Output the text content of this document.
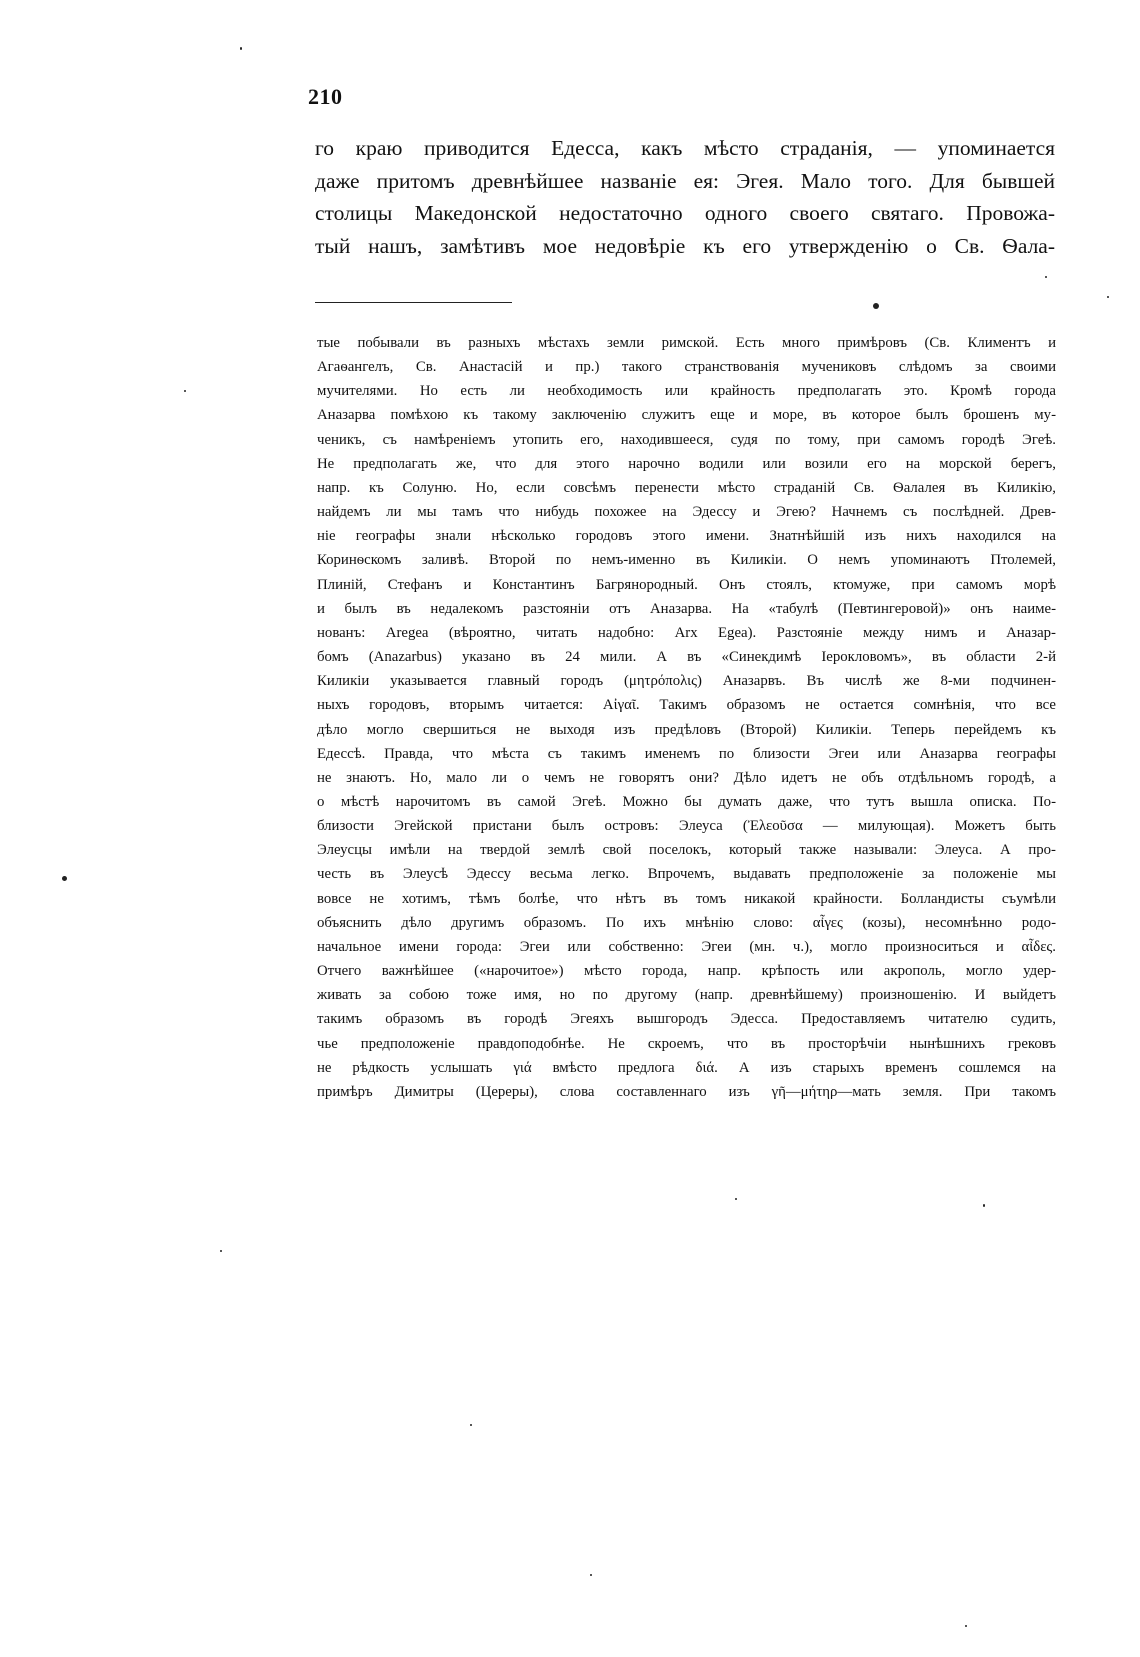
210
го краю приводится Едесса, какъ мѣсто страданія, — упоминается
даже притомъ древнѣйшее названіе ея: Эгея. Мало того. Для бывшей
столицы Македонской недостаточно одного своего святаго. Провожа-
тый нашъ, замѣтивъ мое недовѣріе къ его утвержденію о Св. Ѳала-
тые побывали въ разныхъ мѣстахъ земли римской. Есть много примѣровъ (Св. Климентъ и
Агаѳангелъ, Св. Анастасій и пр.) такого странствованія мучениковъ слѣдомъ за своими
мучителями. Но есть ли необходимость или крайность предполагать это. Кромѣ города
Аназарва помѣхою къ такому заключенію служитъ еще и море, въ которое былъ брошенъ му-
ченикъ, съ намѣреніемъ утопить его, находившееся, судя по тому, при самомъ городѣ Эгеѣ.
Не предполагать же, что для этого нарочно водили или возили его на морской берегъ,
напр. къ Солуню. Но, если совсѣмъ перенести мѣсто страданій Св. Ѳалалея въ Киликію,
найдемъ ли мы тамъ что нибудь похожее на Эдессу и Эгею? Начнемъ съ послѣдней. Древ-
ніе географы знали нѣсколько городовъ этого имени. Знатнѣйшій изъ нихъ находился на
Коринѳскомъ заливѣ. Второй по немъ-именно въ Киликіи. О немъ упоминаютъ Птолемей,
Плиній, Стефанъ и Константинъ Багрянородный. Онъ стоялъ, ктомуже, при самомъ морѣ
и былъ въ недалекомъ разстояніи отъ Аназарва. На «табулѣ (Певтингеровой)» онъ наиме-
нованъ: Aregea (вѣроятно, читать надобно: Arx Egea). Разстояніе между нимъ и Аназар-
бомъ (Anazarbus) указано въ 24 мили. А въ «Синекдимѣ Іерокловомъ», въ области 2-й
Киликіи указывается главный городъ (μητρόπολις) Аназарвъ. Въ числѣ же 8-ми подчинен-
ныхъ городовъ, вторымъ читается: Αἰγαῖ. Такимъ образомъ не остается сомнѣнія, что все
дѣло могло свершиться не выходя изъ предѣловъ (Второй) Киликіи. Теперь перейдемъ къ
Едессѣ. Правда, что мѣста съ такимъ именемъ по близости Эгеи или Аназарва географы
не знаютъ. Но, мало ли о чемъ не говорятъ они? Дѣло идетъ не объ отдѣльномъ городѣ, а
о мѣстѣ нарочитомъ въ самой Эгеѣ. Можно бы думать даже, что тутъ вышла описка. По-
близости Эгейской пристани былъ островъ: Элеуса (Ἐλεοῦσα — милующая). Можетъ быть
Элеусцы имѣли на твердой землѣ свой поселокъ, который также называли: Элеуса. А про-
честь въ Элеусѣ Эдессу весьма легко. Впрочемъ, выдавать предположеніе за положеніе мы
вовсе не хотимъ, тѣмъ болѣе, что нѣтъ въ томъ никакой крайности. Болландисты съумѣли
объяснить дѣло другимъ образомъ. По ихъ мнѣнію слово: αἶγες (козы), несомнѣнно родо-
начальное имени города: Эгеи или собственно: Эгеи (мн. ч.), могло произноситься и αἶδες.
Отчего важнѣйшее («нарочитое») мѣсто города, напр. крѣпость или акрополь, могло удер-
живать за собою тоже имя, но по другому (напр. древнѣйшему) произношенію. И выйдетъ
такимъ образомъ въ городѣ Эгеяхъ вышгородъ Эдесса. Предоставляемъ читателю судить,
чье предположеніе правдоподобнѣе. Не скроемъ, что въ просторѣчіи нынѣшнихъ грековъ
не рѣдкость услышать γιά вмѣсто предлога διά. А изъ старыхъ временъ сошлемся на
примѣръ Димитры (Цереры), слова составленнаго изъ γῆ—μήτηρ—мать земля. При такомъ
